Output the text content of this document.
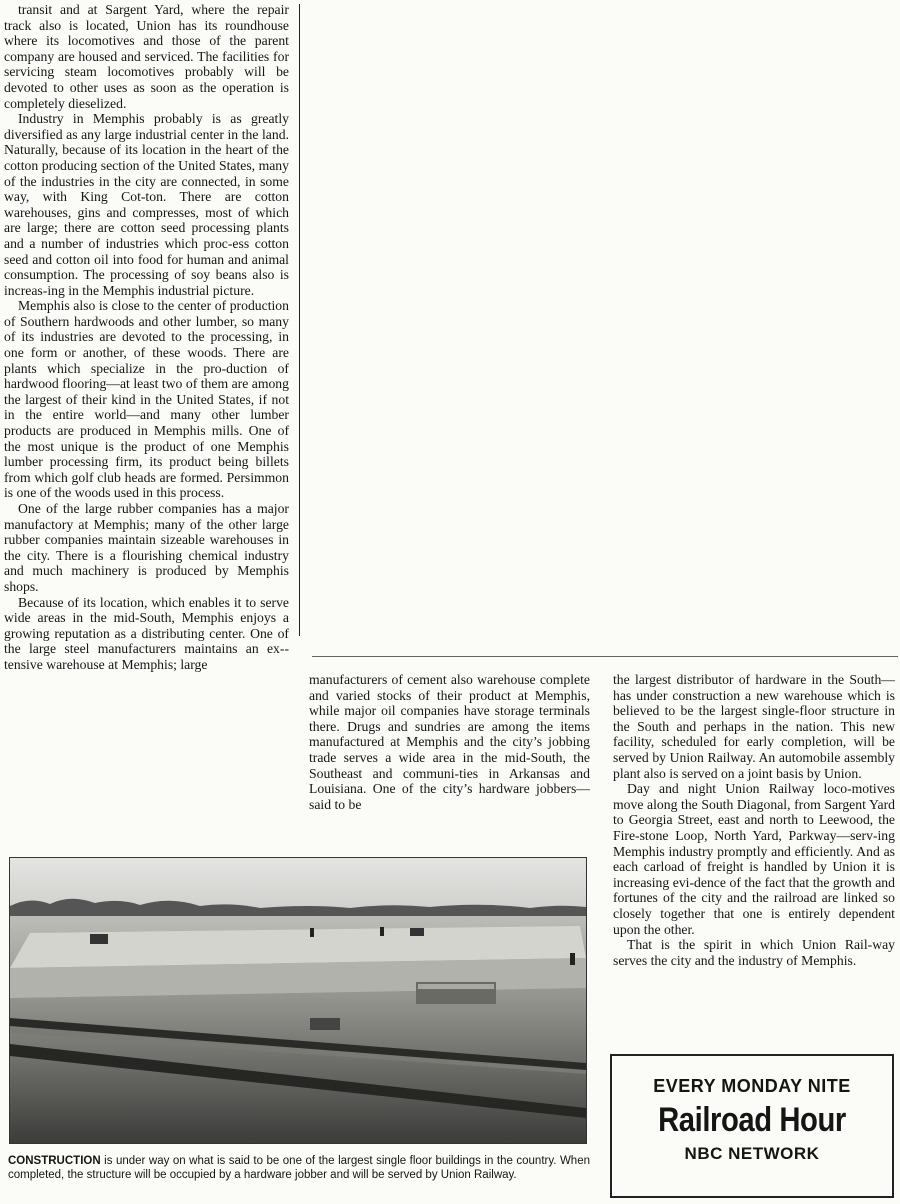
transit and at Sargent Yard, where the repair track also is located, Union has its roundhouse where its locomotives and those of the parent company are housed and serviced. The facilities for servicing steam locomotives probably will be devoted to other uses as soon as the operation is completely dieselized.

Industry in Memphis probably is as greatly diversified as any large industrial center in the land. Naturally, because of its location in the heart of the cotton producing section of the United States, many of the industries in the city are connected, in some way, with King Cot-ton. There are cotton warehouses, gins and compresses, most of which are large; there are cotton seed processing plants and a number of industries which proc-ess cotton seed and cotton oil into food for human and animal consumption. The processing of soy beans also is increas-ing in the Memphis industrial picture.

Memphis also is close to the center of production of Southern hardwoods and other lumber, so many of its industries are devoted to the processing, in one form or another, of these woods. There are plants which specialize in the pro-duction of hardwood flooring—at least two of them are among the largest of their kind in the United States, if not in the entire world—and many other lumber products are produced in Memphis mills. One of the most unique is the product of one Memphis lumber processing firm, its product being billets from which golf club heads are formed. Persimmon is one of the woods used in this process.

One of the large rubber companies has a major manufactory at Memphis; many of the other large rubber companies maintain sizeable warehouses in the city. There is a flourishing chemical industry and much machinery is produced by Memphis shops.

Because of its location, which enables it to serve wide areas in the mid-South, Memphis enjoys a growing reputation as a distributing center. One of the large steel manufacturers maintains an ex-tensive warehouse at Memphis; large

manufacturers of cement also warehouse complete and varied stocks of their product at Memphis, while major oil companies have storage terminals there. Drugs and sundries are among the items manufactured at Memphis and the city’s jobbing trade serves a wide area in the mid-South, the Southeast and communi-ties in Arkansas and Louisiana. One of the city’s hardware jobbers—said to be

the largest distributor of hardware in the South—has under construction a new warehouse which is believed to be the largest single-floor structure in the South and perhaps in the nation. This new facility, scheduled for early completion, will be served by Union Railway. An automobile assembly plant also is served on a joint basis by Union.

Day and night Union Railway loco-motives move along the South Diagonal, from Sargent Yard to Georgia Street, east and north to Leewood, the Fire-stone Loop, North Yard, Parkway—serv-ing Memphis industry promptly and efficiently. And as each carload of freight is handled by Union it is increasing evi-dence of the fact that the growth and fortunes of the city and the railroad are linked so closely together that one is entirely dependent upon the other.

That is the spirit in which Union Rail-way serves the city and the industry of Memphis.

CONSTRUCTION is under way on what is said to be one of the largest single floor buildings in the country. When completed, the structure will be occupied by a hardware jobber and will be served by Union Railway.
EVERY MONDAY NITE
Railroad Hour
NBC NETWORK
